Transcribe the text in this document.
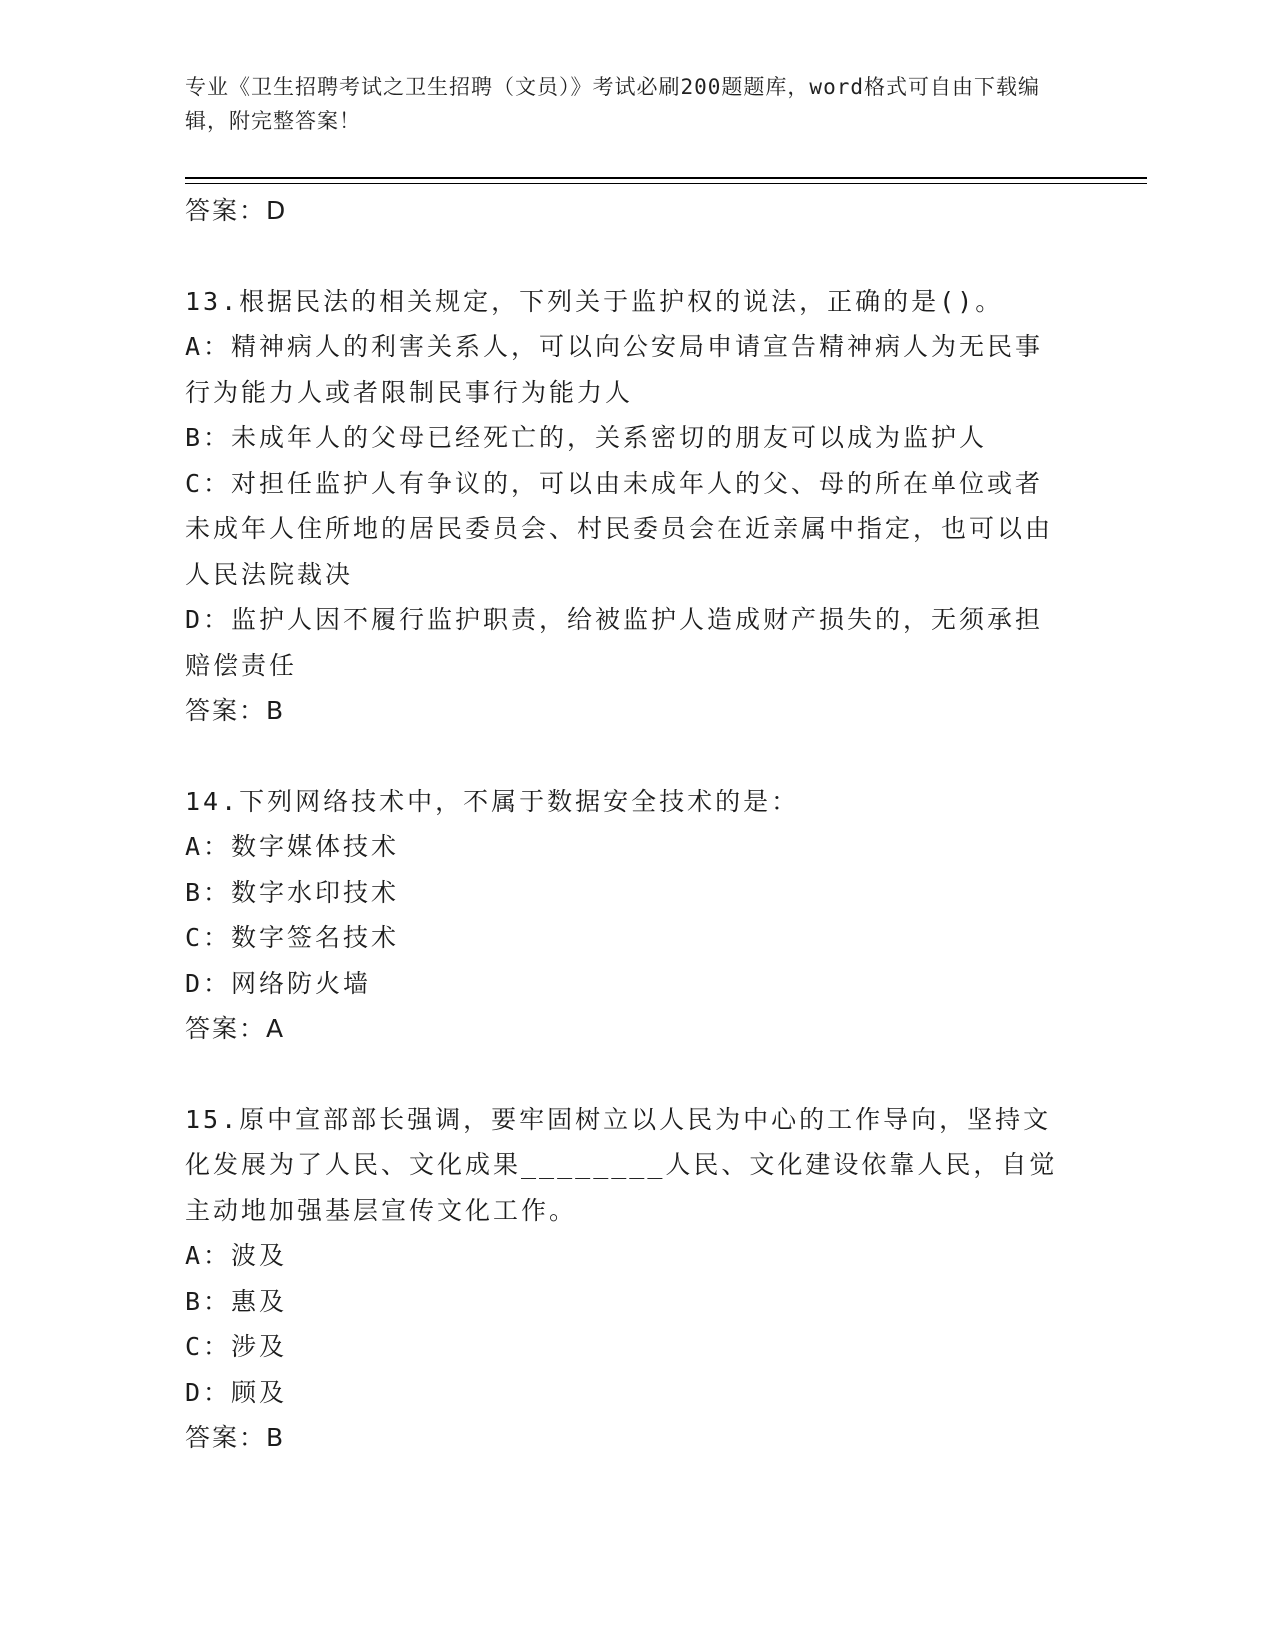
专业《卫生招聘考试之卫生招聘（文员）》考试必刷200题题库，word格式可自由下载编辑，附完整答案！
答案：D
13.根据民法的相关规定，下列关于监护权的说法，正确的是()。
A：精神病人的利害关系人，可以向公安局申请宣告精神病人为无民事行为能力人或者限制民事行为能力人
B：未成年人的父母已经死亡的，关系密切的朋友可以成为监护人
C：对担任监护人有争议的，可以由未成年人的父、母的所在单位或者未成年人住所地的居民委员会、村民委员会在近亲属中指定，也可以由人民法院裁决
D：监护人因不履行监护职责，给被监护人造成财产损失的，无须承担赔偿责任
答案：B
14.下列网络技术中，不属于数据安全技术的是：
A：数字媒体技术
B：数字水印技术
C：数字签名技术
D：网络防火墙
答案：A
15.原中宣部部长强调，要牢固树立以人民为中心的工作导向，坚持文化发展为了人民、文化成果________人民、文化建设依靠人民，自觉主动地加强基层宣传文化工作。
A：波及
B：惠及
C：涉及
D：顾及
答案：B
